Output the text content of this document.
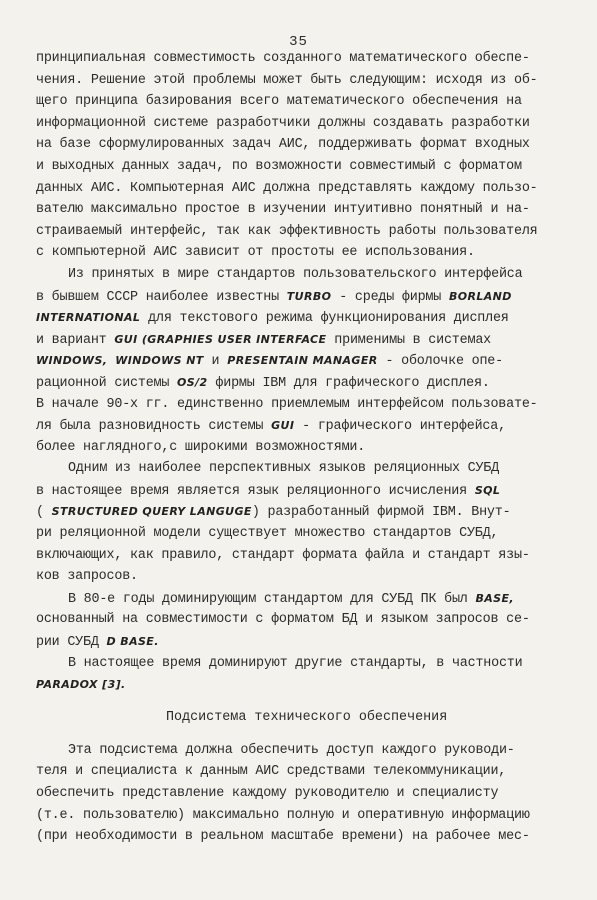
35
принципиальная совместимость созданного математического обеспе-
чения. Решение этой проблемы может быть следующим: исходя из об-
щего принципа базирования всего математического обеспечения на
информационной системе разработчики должны создавать разработки
на базе сформулированных задач АИС, поддерживать формат входных
и выходных данных задач, по возможности совместимый с форматом
данных АИС. Компьютерная АИС должна представлять каждому пользо-
вателю максимально простое в изучении интуитивно понятный и на-
страиваемый интерфейс, так как эффективность работы пользователя
с компьютерной АИС зависит от простоты ее использования.
Из принятых в мире стандартов пользовательского интерфейса
в бывшем СССР наиболее известны TURBO - среды фирмы BORLAND
INTERNATIONAL для текстового режима функционирования дисплея
и вариант GUI (GRAPHIES USER INTERFACE применимы в системах
WINDOWS, WINDOWS NT и PRESENTAIN MANAGER - оболочке опе-
рационной системы OS/2 фирмы IBM для графического дисплея.
В начале 90-х гг. единственно приемлемым интерфейсом пользовате-
ля была разновидность системы GUI - графического интерфейса,
более наглядного,с широкими возможностями.
Одним из наиболее перспективных языков реляционных СУБД
в настоящее время является язык реляционного исчисления SQL
( STRUCTURED QUERY LANGUGE) разработанный фирмой IBM. Внут-
ри реляционной модели существует множество стандартов СУБД,
включающих, как правило, стандарт формата файла и стандарт язы-
ков запросов.
В 80-е годы доминирующим стандартом для СУБД ПК был BASE,
основанный на совместимости с форматом БД и языком запросов се-
рии СУБД D BASE.
В настоящее время доминируют другие стандарты, в частности
PARADOX [3].
Подсистема технического обеспечения
Эта подсистема должна обеспечить доступ каждого руководи-
теля и специалиста к данным АИС средствами телекоммуникации,
обеспечить представление каждому руководителю и специалисту
(т.е. пользователю) максимально полную и оперативную информацию
(при необходимости в реальном масштабе времени) на рабочее мес-
